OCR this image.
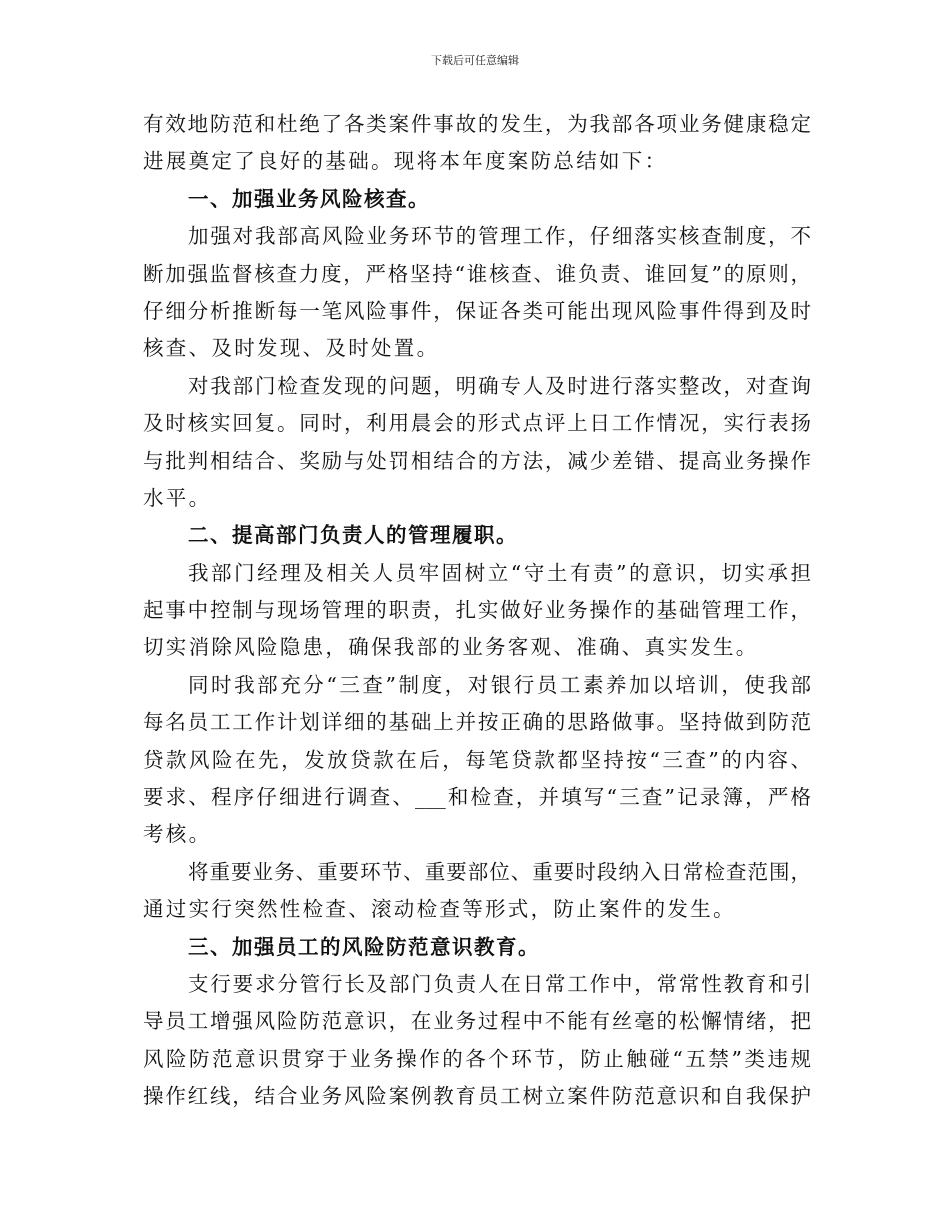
下载后可任意编辑
有效地防范和杜绝了各类案件事故的发生，为我部各项业务健康稳定
进展奠定了良好的基础。现将本年度案防总结如下：
一、加强业务风险核查。
加强对我部高风险业务环节的管理工作，仔细落实核查制度，不
断加强监督核查力度，严格坚持“谁核查、谁负责、谁回复”的原则，
仔细分析推断每一笔风险事件，保证各类可能出现风险事件得到及时
核查、及时发现、及时处置。
对我部门检查发现的问题，明确专人及时进行落实整改，对查询
及时核实回复。同时，利用晨会的形式点评上日工作情况，实行表扬
与批判相结合、奖励与处罚相结合的方法，减少差错、提高业务操作
水平。
二、提高部门负责人的管理履职。
我部门经理及相关人员牢固树立“守土有责”的意识，切实承担
起事中控制与现场管理的职责，扎实做好业务操作的基础管理工作，
切实消除风险隐患，确保我部的业务客观、准确、真实发生。
同时我部充分“三查”制度，对银行员工素养加以培训，使我部
每名员工工作计划详细的基础上并按正确的思路做事。坚持做到防范
贷款风险在先，发放贷款在后，每笔贷款都坚持按“三查”的内容、
要求、程序仔细进行调查、___和检查，并填写“三查”记录簿，严格
考核。
将重要业务、重要环节、重要部位、重要时段纳入日常检查范围，
通过实行突然性检查、滚动检查等形式，防止案件的发生。
三、加强员工的风险防范意识教育。
支行要求分管行长及部门负责人在日常工作中，常常性教育和引
导员工增强风险防范意识，在业务过程中不能有丝毫的松懈情绪，把
风险防范意识贯穿于业务操作的各个环节，防止触碰“五禁”类违规
操作红线，结合业务风险案例教育员工树立案件防范意识和自我保护
